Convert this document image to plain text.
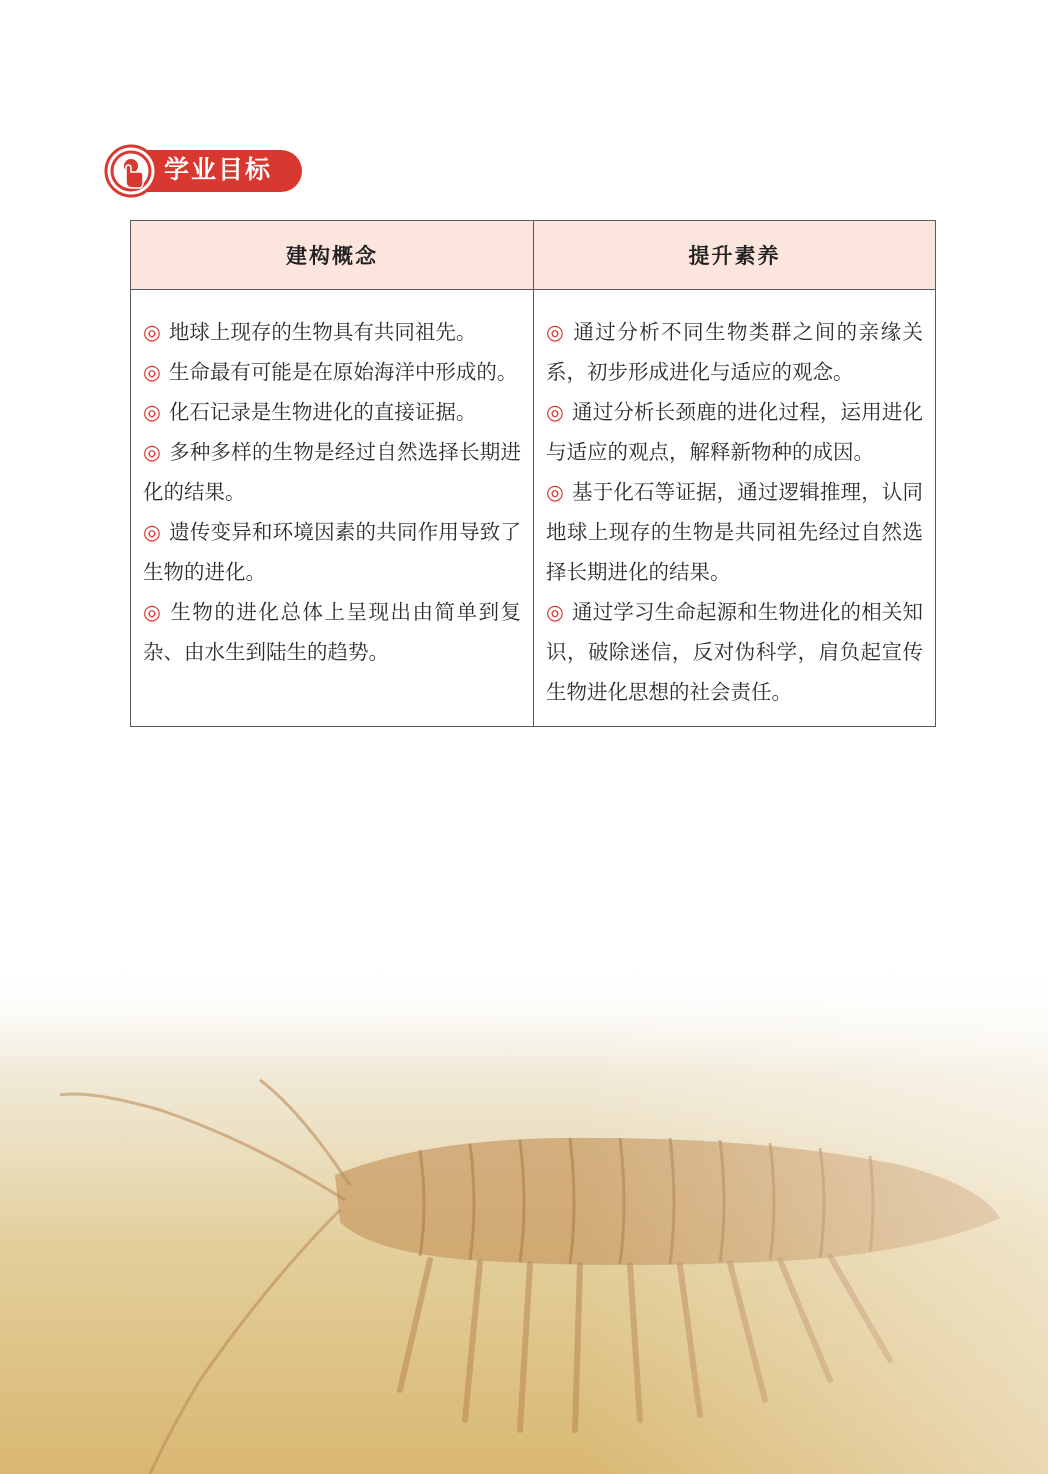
学业目标
建构概念
◎ 地球上现存的生物具有共同祖先。
◎ 生命最有可能是在原始海洋中形成的。
◎ 化石记录是生物进化的直接证据。
◎ 多种多样的生物是经过自然选择长期进化的结果。
◎ 遗传变异和环境因素的共同作用导致了生物的进化。
◎ 生物的进化总体上呈现出由简单到复杂、由水生到陆生的趋势。
提升素养
◎ 通过分析不同生物类群之间的亲缘关系，初步形成进化与适应的观念。
◎ 通过分析长颈鹿的进化过程，运用进化与适应的观点，解释新物种的成因。
◎ 基于化石等证据，通过逻辑推理，认同地球上现存的生物是共同祖先经过自然选择长期进化的结果。
◎ 通过学习生命起源和生物进化的相关知识，破除迷信，反对伪科学，肩负起宣传生物进化思想的社会责任。
